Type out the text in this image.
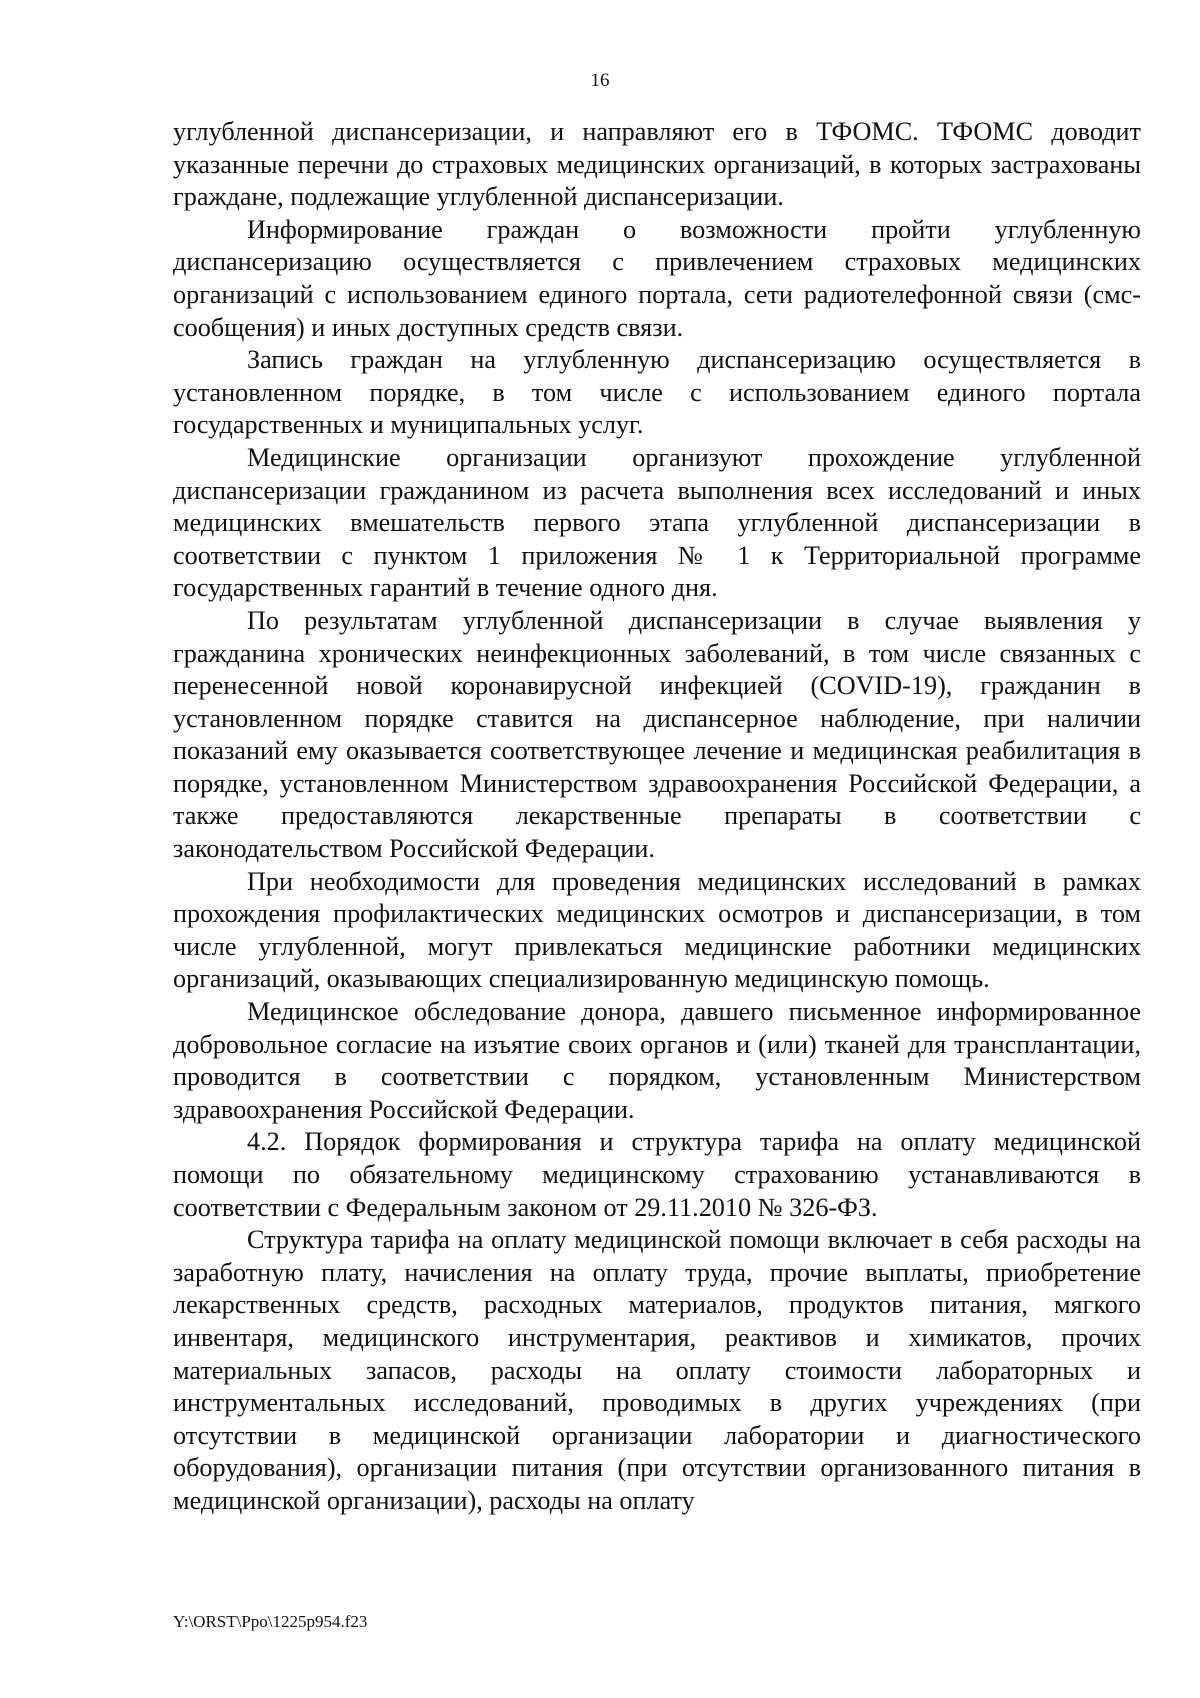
16

углубленной диспансеризации, и направляют его в ТФОМС. ТФОМС доводит указанные перечни до страховых медицинских организаций, в которых застрахованы граждане, подлежащие углубленной диспансеризации.

Информирование граждан о возможности пройти углубленную диспансеризацию осуществляется с привлечением страховых медицинских организаций с использованием единого портала, сети радиотелефонной связи (смс-сообщения) и иных доступных средств связи.

Запись граждан на углубленную диспансеризацию осуществляется в установленном порядке, в том числе с использованием единого портала государственных и муниципальных услуг.

Медицинские организации организуют прохождение углубленной диспансеризации гражданином из расчета выполнения всех исследований и иных медицинских вмешательств первого этапа углубленной диспансеризации в соответствии с пунктом 1 приложения № 1 к Территориальной программе государственных гарантий в течение одного дня.

По результатам углубленной диспансеризации в случае выявления у гражданина хронических неинфекционных заболеваний, в том числе связанных с перенесенной новой коронавирусной инфекцией (COVID-19), гражданин в установленном порядке ставится на диспансерное наблюдение, при наличии показаний ему оказывается соответствующее лечение и медицинская реабилитация в порядке, установленном Министерством здравоохранения Российской Федерации, а также предоставляются лекарственные препараты в соответствии с законодательством Российской Федерации.

При необходимости для проведения медицинских исследований в рамках прохождения профилактических медицинских осмотров и диспансеризации, в том числе углубленной, могут привлекаться медицинские работники медицинских организаций, оказывающих специализированную медицинскую помощь.

Медицинское обследование донора, давшего письменное информированное добровольное согласие на изъятие своих органов и (или) тканей для трансплантации, проводится в соответствии с порядком, установленным Министерством здравоохранения Российской Федерации.

4.2. Порядок формирования и структура тарифа на оплату медицинской помощи по обязательному медицинскому страхованию устанавливаются в соответствии с Федеральным законом от 29.11.2010 № 326-ФЗ.

Структура тарифа на оплату медицинской помощи включает в себя расходы на заработную плату, начисления на оплату труда, прочие выплаты, приобретение лекарственных средств, расходных материалов, продуктов питания, мягкого инвентаря, медицинского инструментария, реактивов и химикатов, прочих материальных запасов, расходы на оплату стоимости лабораторных и инструментальных исследований, проводимых в других учреждениях (при отсутствии в медицинской организации лаборатории и диагностического оборудования), организации питания (при отсутствии организованного питания в медицинской организации), расходы на оплату

Y:\ORST\Ppo\1225p954.f23
